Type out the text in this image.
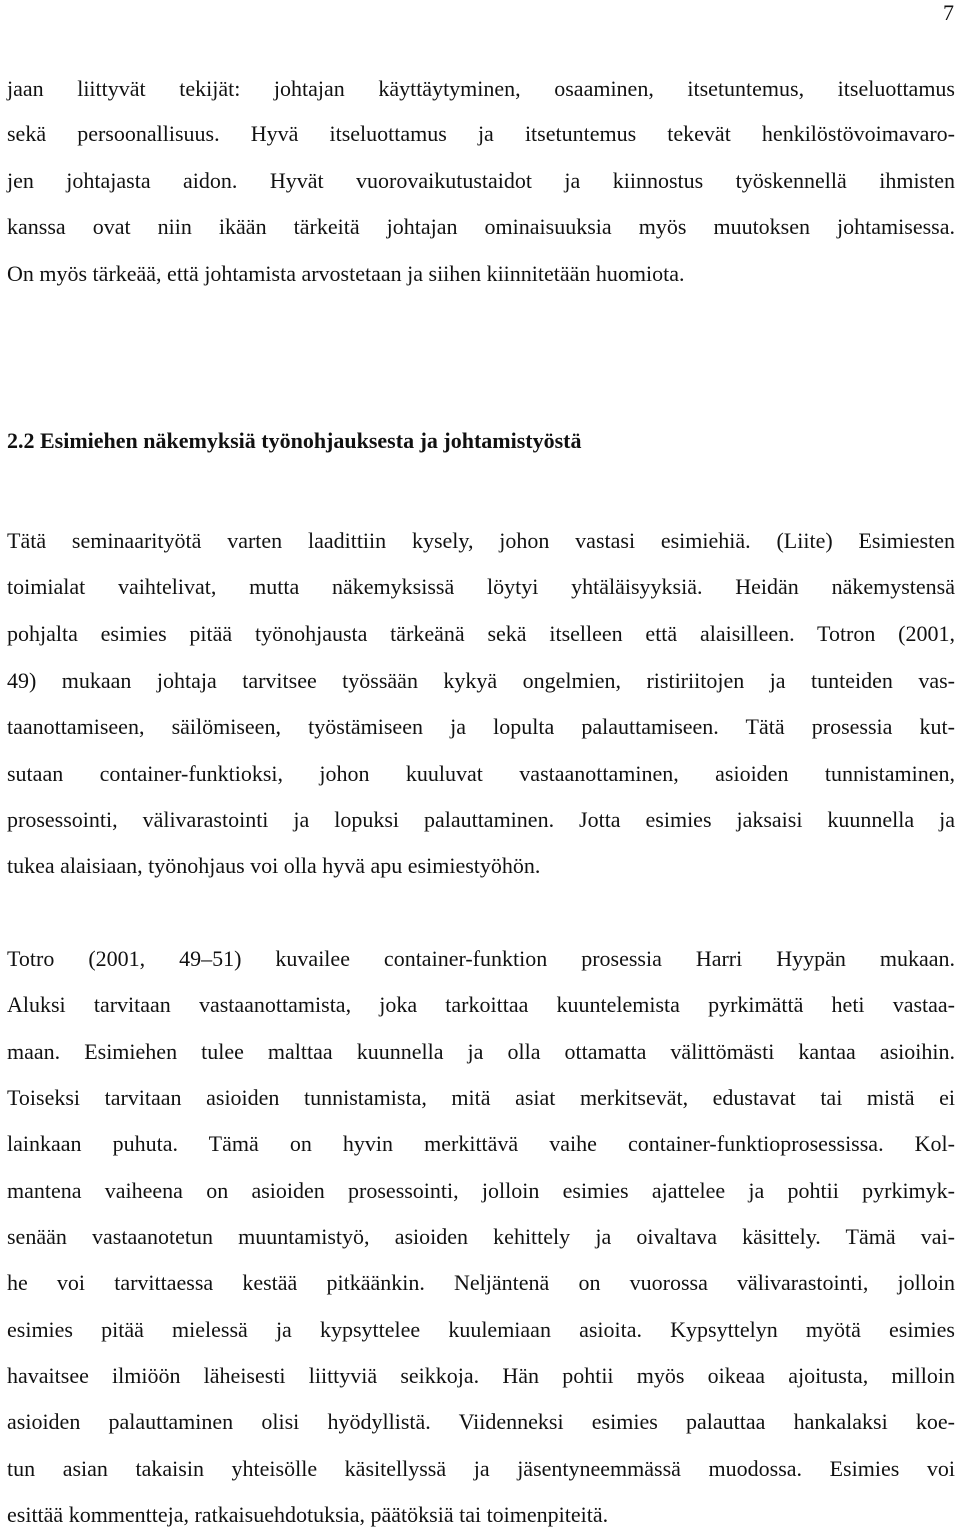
7
jaan liittyvät tekijät: johtajan käyttäytyminen, osaaminen, itsetuntemus, itseluottamus
sekä persoonallisuus. Hyvä itseluottamus ja itsetuntemus tekevät henkilöstövoimavaro-
jen johtajasta aidon. Hyvät vuorovaikutustaidot ja kiinnostus työskennellä ihmisten
kanssa ovat niin ikään tärkeitä johtajan ominaisuuksia myös muutoksen johtamisessa.
On myös tärkeää, että johtamista arvostetaan ja siihen kiinnitetään huomiota.
2.2 Esimiehen näkemyksiä työnohjauksesta ja johtamistyöstä
Tätä seminaarityötä varten laadittiin kysely, johon vastasi esimiehiä. (Liite) Esimiesten
toimialat vaihtelivat, mutta näkemyksissä löytyi yhtäläisyyksiä. Heidän näkemystensä
pohjalta esimies pitää työnohjausta tärkeänä sekä itselleen että alaisilleen. Totron (2001,
49) mukaan johtaja tarvitsee työssään kykyä ongelmien, ristiriitojen ja tunteiden vas-
taanottamiseen, säilömiseen, työstämiseen ja lopulta palauttamiseen. Tätä prosessia kut-
sutaan container-funktioksi, johon kuuluvat vastaanottaminen, asioiden tunnistaminen,
prosessointi, välivarastointi ja lopuksi palauttaminen. Jotta esimies jaksaisi kuunnella ja
tukea alaisiaan, työnohjaus voi olla hyvä apu esimiestyöhön.
Totro (2001, 49–51) kuvailee container-funktion prosessia Harri Hyypän mukaan.
Aluksi tarvitaan vastaanottamista, joka tarkoittaa kuuntelemista pyrkimättä heti vastaa-
maan. Esimiehen tulee malttaa kuunnella ja olla ottamatta välittömästi kantaa asioihin.
Toiseksi tarvitaan asioiden tunnistamista, mitä asiat merkitsevät, edustavat tai mistä ei
lainkaan puhuta. Tämä on hyvin merkittävä vaihe container-funktioprosessissa. Kol-
mantena vaiheena on asioiden prosessointi, jolloin esimies ajattelee ja pohtii pyrkimyk-
senään vastaanotetun muuntamistyö, asioiden kehittely ja oivaltava käsittely. Tämä vai-
he voi tarvittaessa kestää pitkäänkin. Neljäntenä on vuorossa välivarastointi, jolloin
esimies pitää mielessä ja kypsyttelee kuulemiaan asioita. Kypsyttelyn myötä esimies
havaitsee ilmiöön läheisesti liittyviä seikkoja. Hän pohtii myös oikeaa ajoitusta, milloin
asioiden palauttaminen olisi hyödyllistä. Viidenneksi esimies palauttaa hankalaksi koe-
tun asian takaisin yhteisölle käsitellyssä ja jäsentyneemmässä muodossa. Esimies voi
esittää kommentteja, ratkaisuehdotuksia, päätöksiä tai toimenpiteitä.
